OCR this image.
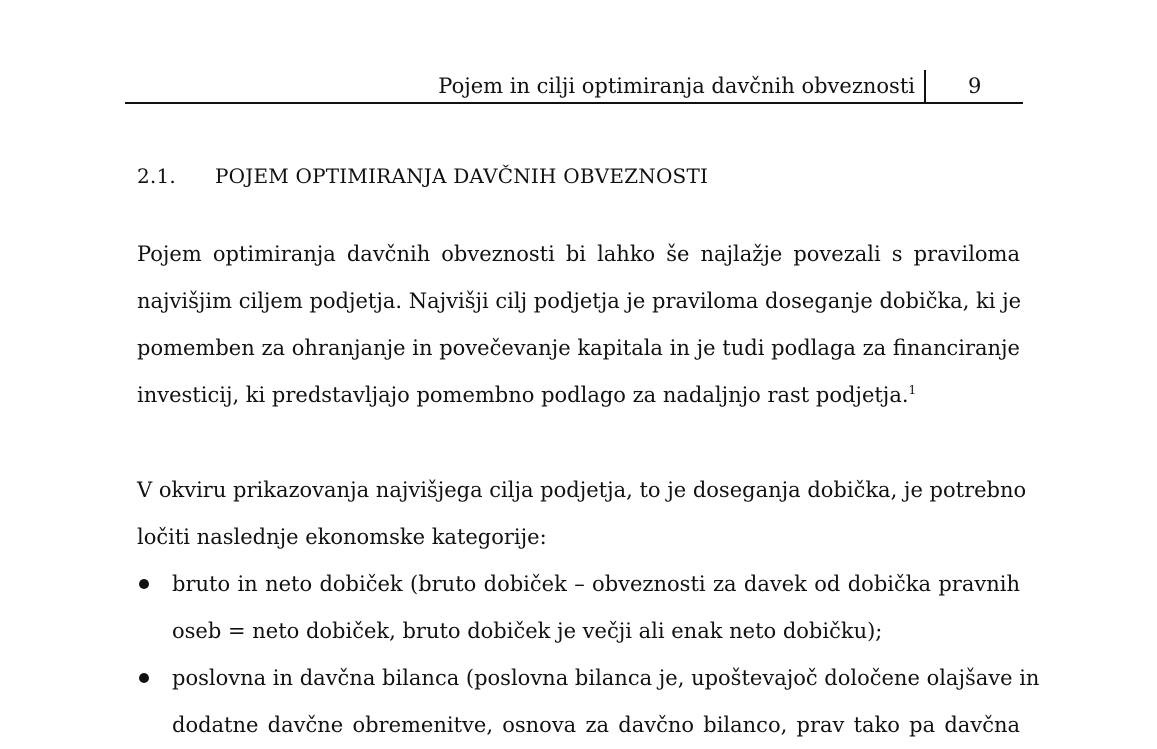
Pojem in cilji optimiranja davčnih obveznosti	9
2.1. POJEM OPTIMIRANJA DAVČNIH OBVEZNOSTI
Pojem optimiranja davčnih obveznosti bi lahko še najlažje povezali s praviloma
najvišjim ciljem podjetja. Najvišji cilj podjetja je praviloma doseganje dobička, ki je
pomemben za ohranjanje in povečevanje kapitala in je tudi podlaga za financiranje
investicij, ki predstavljajo pomembno podlago za nadaljnjo rast podjetja.$^1$
V okviru prikazovanja najvišjega cilja podjetja, to je doseganja dobička, je potrebno
ločiti naslednje ekonomske kategorije:
bruto in neto dobiček (bruto dobiček – obveznosti za davek od dobička pravnih
oseb = neto dobiček, bruto dobiček je večji ali enak neto dobičku);
poslovna in davčna bilanca (poslovna bilanca je, upoštevajoč določene olajšave in
dodatne davčne obremenitve, osnova za davčno bilanco, prav tako pa davčna
